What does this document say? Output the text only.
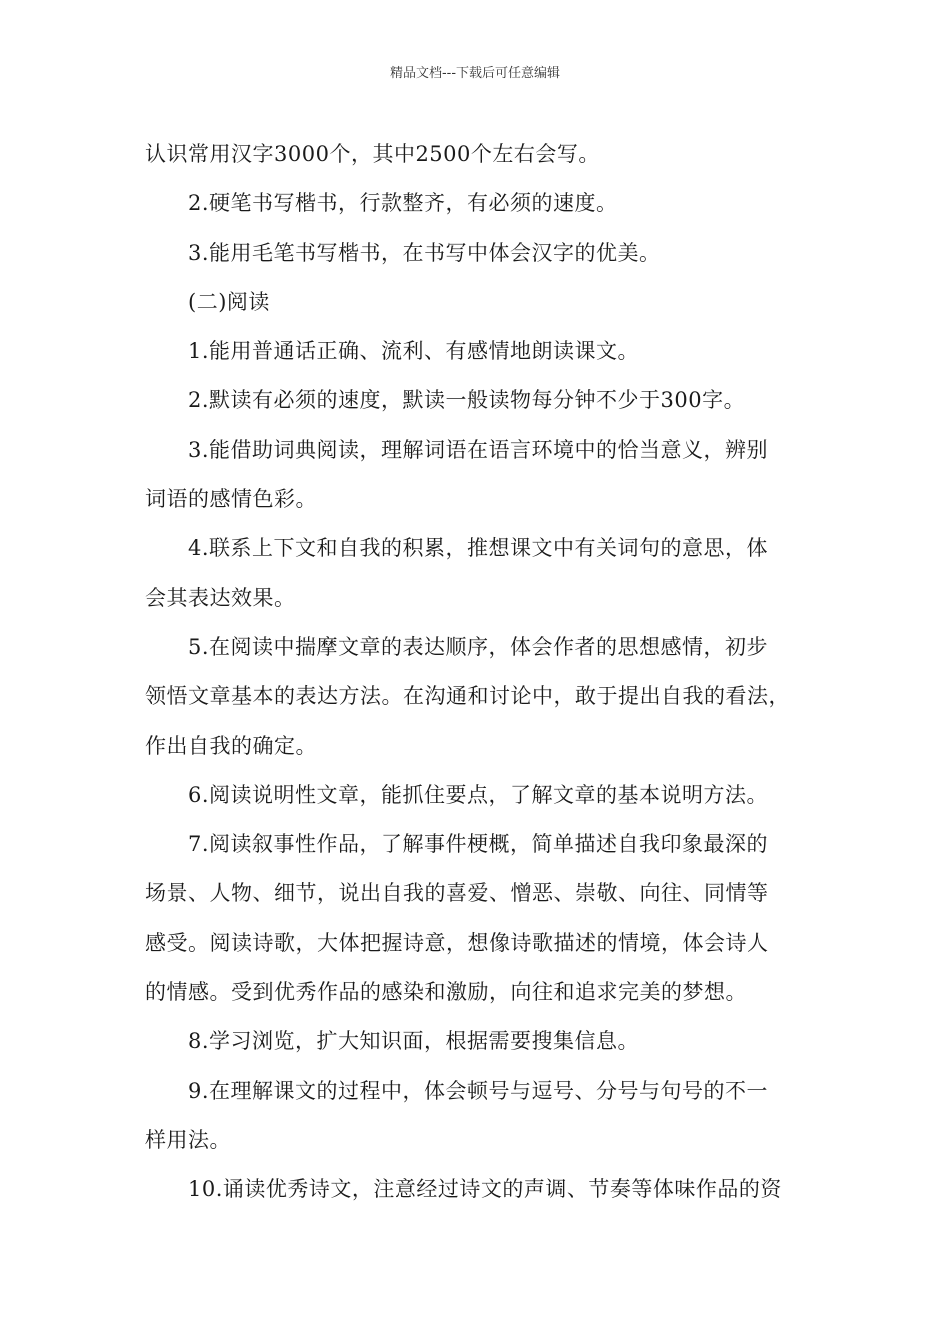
精品文档---下载后可任意编辑
认识常用汉字3000个，其中2500个左右会写。
2.硬笔书写楷书，行款整齐，有必须的速度。
3.能用毛笔书写楷书，在书写中体会汉字的优美。
(二)阅读
1.能用普通话正确、流利、有感情地朗读课文。
2.默读有必须的速度，默读一般读物每分钟不少于300字。
3.能借助词典阅读，理解词语在语言环境中的恰当意义，辨别
词语的感情色彩。
4.联系上下文和自我的积累，推想课文中有关词句的意思，体
会其表达效果。
5.在阅读中揣摩文章的表达顺序，体会作者的思想感情，初步
领悟文章基本的表达方法。在沟通和讨论中，敢于提出自我的看法，
作出自我的确定。
6.阅读说明性文章，能抓住要点，了解文章的基本说明方法。
7.阅读叙事性作品，了解事件梗概，简单描述自我印象最深的
场景、人物、细节，说出自我的喜爱、憎恶、崇敬、向往、同情等
感受。阅读诗歌，大体把握诗意，想像诗歌描述的情境，体会诗人
的情感。受到优秀作品的感染和激励，向往和追求完美的梦想。
8.学习浏览，扩大知识面，根据需要搜集信息。
9.在理解课文的过程中，体会顿号与逗号、分号与句号的不一
样用法。
10.诵读优秀诗文，注意经过诗文的声调、节奏等体味作品的资
